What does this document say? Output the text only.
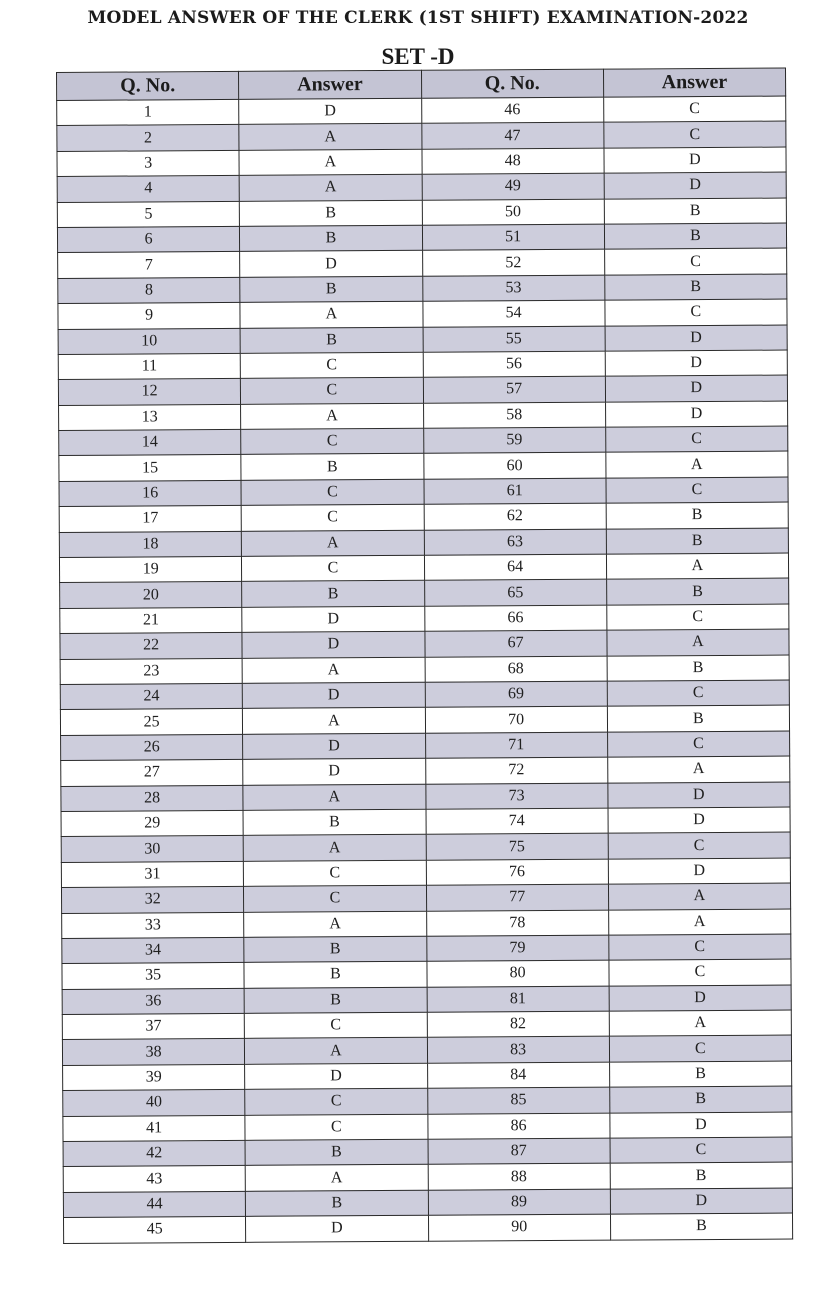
MODEL ANSWER OF THE CLERK (1ST SHIFT) EXAMINATION-2022
SET -D
Q. No.	Answer	Q. No.	Answer
1	D	46	C
2	A	47	C
3	A	48	D
4	A	49	D
5	B	50	B
6	B	51	B
7	D	52	C
8	B	53	B
9	A	54	C
10	B	55	D
11	C	56	D
12	C	57	D
13	A	58	D
14	C	59	C
15	B	60	A
16	C	61	C
17	C	62	B
18	A	63	B
19	C	64	A
20	B	65	B
21	D	66	C
22	D	67	A
23	A	68	B
24	D	69	C
25	A	70	B
26	D	71	C
27	D	72	A
28	A	73	D
29	B	74	D
30	A	75	C
31	C	76	D
32	C	77	A
33	A	78	A
34	B	79	C
35	B	80	C
36	B	81	D
37	C	82	A
38	A	83	C
39	D	84	B
40	C	85	B
41	C	86	D
42	B	87	C
43	A	88	B
44	B	89	D
45	D	90	B
